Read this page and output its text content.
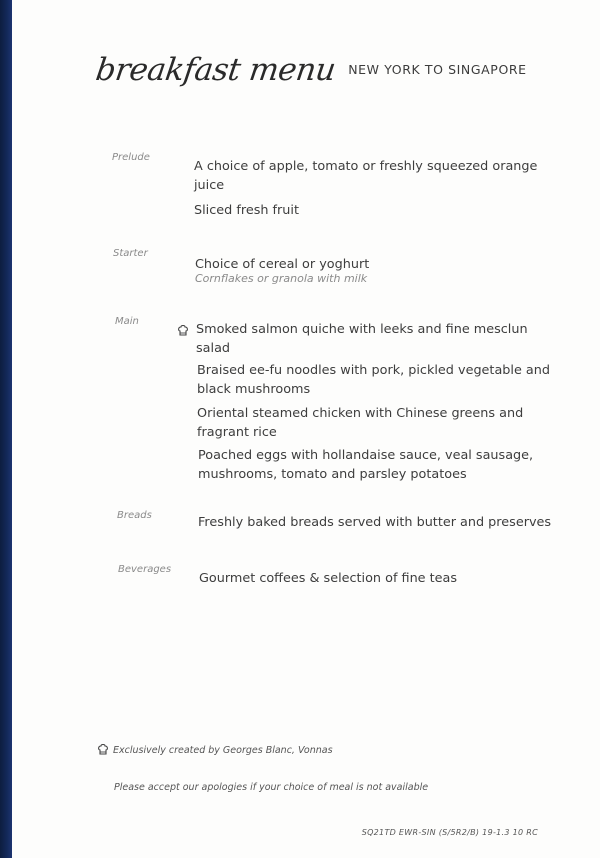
breakfast menu $^{NEW YORK TO SINGAPORE}$
Prelude
A choice of apple, tomato or freshly squeezed orange juice
Sliced fresh fruit
Starter
Choice of cereal or yoghurt
Cornflakes or granola with milk
Main
Smoked salmon quiche with leeks and fine mesclun salad
Braised ee-fu noodles with pork, pickled vegetable and black mushrooms
Oriental steamed chicken with Chinese greens and fragrant rice
Poached eggs with hollandaise sauce, veal sausage, mushrooms, tomato and parsley potatoes
Breads	Freshly baked breads served with butter and preserves
Beverages
Gourmet coffees & selection of fine teas
Exclusively created by Georges Blanc, Vonnas
Please accept our apologies if your choice of meal is not available
SQ21TD EWR-SIN (S/5R2/B) 19-1.3 10 RC
